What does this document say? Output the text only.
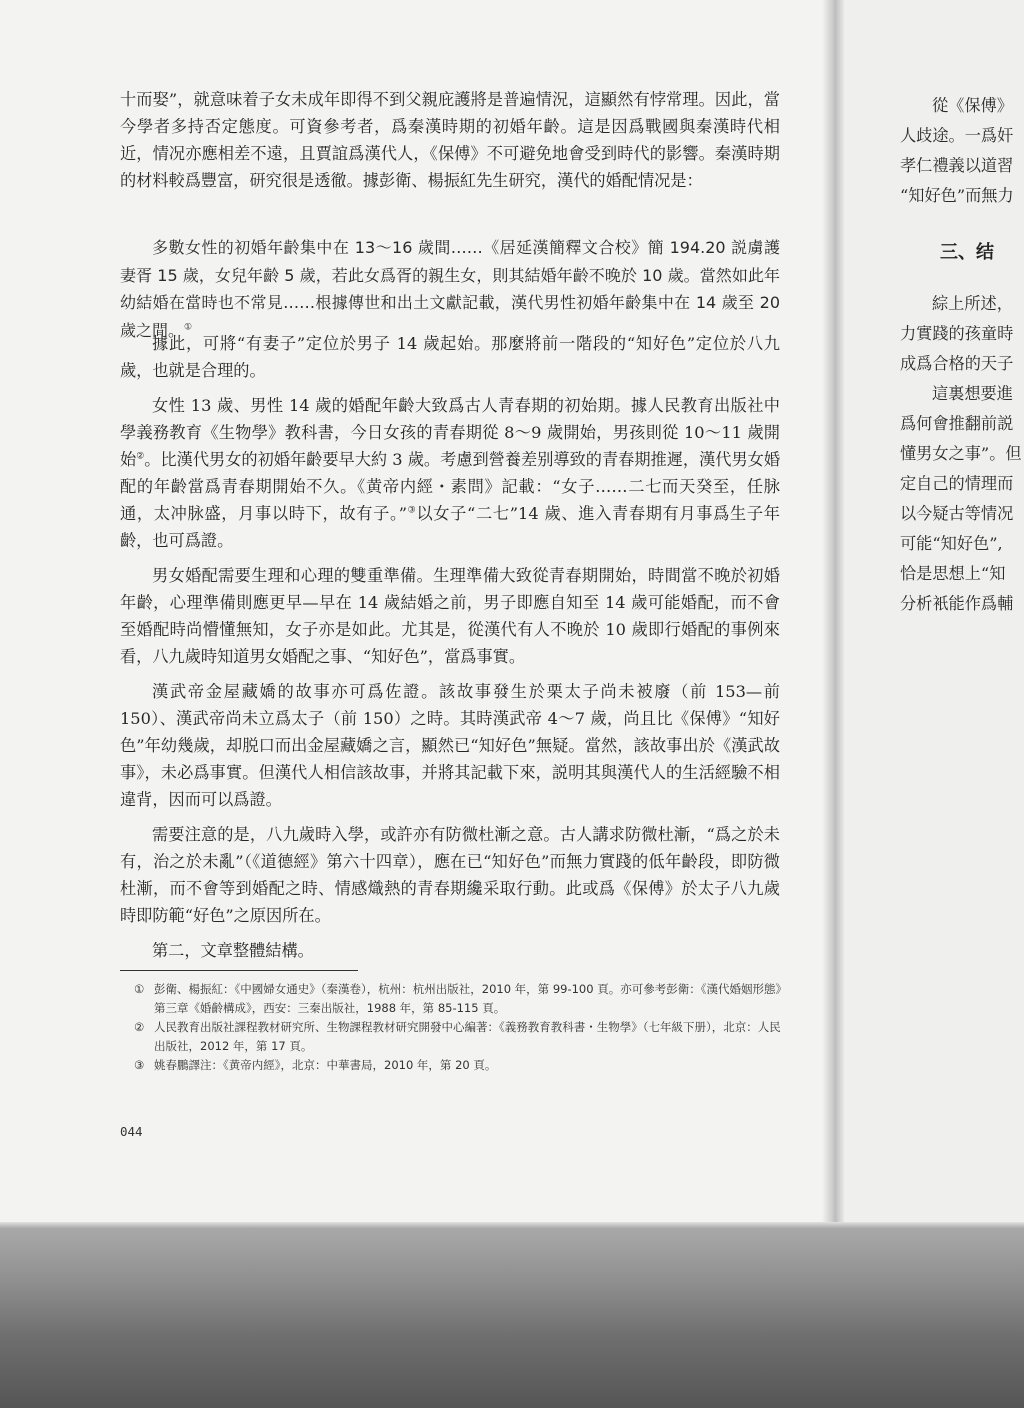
十而娶”，就意味着子女未成年即得不到父親庇護將是普遍情況，這顯然有悖常理。因此，當今學者多持否定態度。可資參考者，爲秦漢時期的初婚年齡。這是因爲戰國與秦漢時代相近，情况亦應相差不遠，且賈誼爲漢代人，《保傅》不可避免地會受到時代的影響。秦漢時期的材料較爲豐富，研究很是透徹。據彭衛、楊振紅先生研究，漢代的婚配情况是：

多數女性的初婚年齡集中在 13～16 歲間……《居延漢簡釋文合校》簡 194.20 説虜護妻胥 15 歲，女兒年齡 5 歲，若此女爲胥的親生女，則其結婚年齡不晚於 10 歲。當然如此年幼結婚在當時也不常見……根據傳世和出土文獻記載，漢代男性初婚年齡集中在 14 歲至 20 歲之間。①

據此，可將“有妻子”定位於男子 14 歲起始。那麼將前一階段的“知好色”定位於八九歲，也就是合理的。

女性 13 歲、男性 14 歲的婚配年齡大致爲古人青春期的初始期。據人民教育出版社中學義務教育《生物學》教科書，今日女孩的青春期從 8～9 歲開始，男孩則從 10～11 歲開始②。比漢代男女的初婚年齡要早大約 3 歲。考慮到營養差别導致的青春期推遲，漢代男女婚配的年齡當爲青春期開始不久。《黄帝内經・素問》記載：“女子……二七而天癸至，任脉通，太冲脉盛，月事以時下，故有子。”③以女子“二七”14 歲、進入青春期有月事爲生子年齡，也可爲證。

男女婚配需要生理和心理的雙重準備。生理準備大致從青春期開始，時間當不晚於初婚年齡，心理準備則應更早—早在 14 歲結婚之前，男子即應自知至 14 歲可能婚配，而不會至婚配時尚懵懂無知，女子亦是如此。尤其是，從漢代有人不晚於 10 歲即行婚配的事例來看，八九歲時知道男女婚配之事、“知好色”，當爲事實。

漢武帝金屋藏嬌的故事亦可爲佐證。該故事發生於栗太子尚未被廢（前 153—前 150）、漢武帝尚未立爲太子（前 150）之時。其時漢武帝 4～7 歲，尚且比《保傅》“知好色”年幼幾歲，却脱口而出金屋藏嬌之言，顯然已“知好色”無疑。當然，該故事出於《漢武故事》，未必爲事實。但漢代人相信該故事，并將其記載下來，説明其與漢代人的生活經驗不相違背，因而可以爲證。

需要注意的是，八九歲時入學，或許亦有防微杜漸之意。古人講求防微杜漸，“爲之於未有，治之於未亂”（《道德經》第六十四章），應在已“知好色”而無力實踐的低年齡段，即防微杜漸，而不會等到婚配之時、情感熾熱的青春期纔采取行動。此或爲《保傅》於太子八九歲時即防範“好色”之原因所在。

第二，文章整體結構。

① 彭衛、楊振紅：《中國婦女通史》（秦漢卷），杭州：杭州出版社，2010 年，第 99-100 頁。亦可參考彭衛：《漢代婚姻形態》第三章《婚齡構成》，西安：三秦出版社，1988 年，第 85-115 頁。

② 人民教育出版社課程教材研究所、生物課程教材研究開發中心編著：《義務教育教科書・生物學》（七年級下册），北京：人民出版社，2012 年，第 17 頁。

③ 姚春鵬譯注：《黄帝内經》，北京：中華書局，2010 年，第 20 頁。

044
從《保傅》
人歧途。一爲奸
孝仁禮義以道習
“知好色”而無力
三、结
綜上所述，
力實踐的孩童時
成爲合格的天子
這裏想要進
爲何會推翻前説
懂男女之事”。但
定自己的情理而
以今疑古等情况
可能“知好色”,
恰是思想上“知
分析衹能作爲輔
